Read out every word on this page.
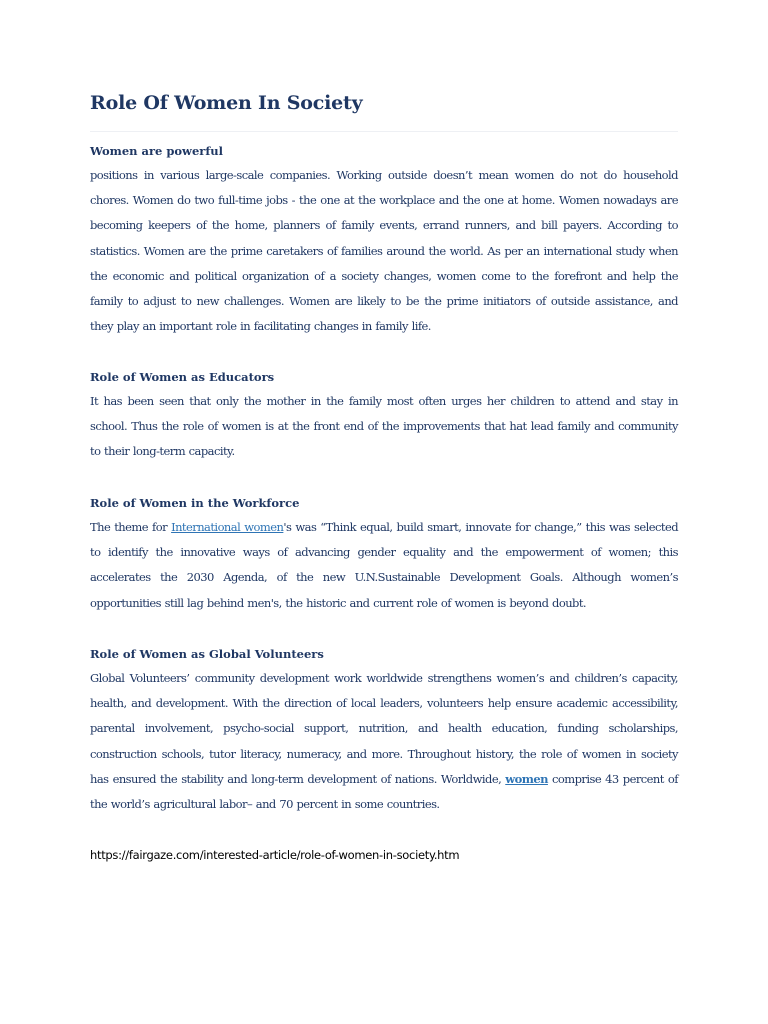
Role Of Women In Society
Women are powerful

positions in various large-scale companies. Working outside doesn’t mean women do not do household chores. Women do two full-time jobs - the one at the workplace and the one at home. Women nowadays are becoming keepers of the home, planners of family events, errand runners, and bill payers. According to statistics. Women are the prime caretakers of families around the world. As per an international study when the economic and political organization of a society changes, women come to the forefront and help the family to adjust to new challenges. Women are likely to be the prime initiators of outside assistance, and they play an important role in facilitating changes in family life.

Role of Women as Educators

It has been seen that only the mother in the family most often urges her children to attend and stay in school. Thus the role of women is at the front end of the improvements that hat lead family and community to their long-term capacity.

Role of Women in the Workforce

The theme for International women's was “Think equal, build smart, innovate for change,” this was selected to identify the innovative ways of advancing gender equality and the empowerment of women; this accelerates the 2030 Agenda, of the new U.N.Sustainable Development Goals. Although women’s opportunities still lag behind men's, the historic and current role of women is beyond doubt.

Role of Women as Global Volunteers

Global Volunteers’ community development work worldwide strengthens women’s and children’s capacity, health, and development. With the direction of local leaders, volunteers help ensure academic accessibility, parental involvement, psycho-social support, nutrition, and health education, funding scholarships, construction schools, tutor literacy, numeracy, and more. Throughout history, the role of women in society has ensured the stability and long-term development of nations. Worldwide, women comprise 43 percent of the world’s agricultural labor– and 70 percent in some countries.

https://fairgaze.com/interested-article/role-of-women-in-society.htm
